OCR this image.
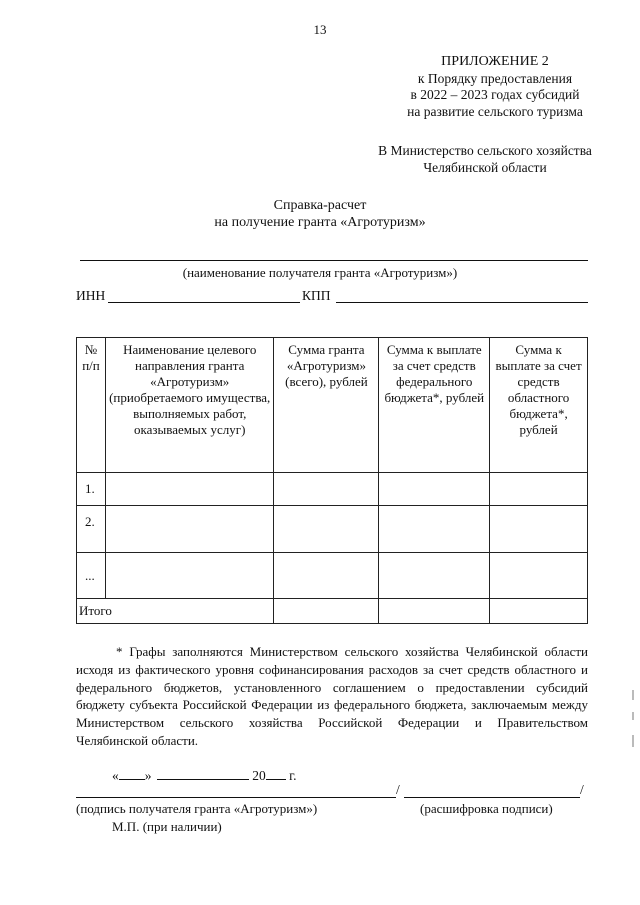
13
ПРИЛОЖЕНИЕ 2
к Порядку предоставления
в 2022 – 2023 годах субсидий
на развитие сельского туризма
В Министерство сельского хозяйства
Челябинской области
Справка-расчет
на получение гранта «Агротуризм»
(наименование получателя гранта «Агротуризм»)
ИНН	КПП
№ п/п	Наименование целевого направления гранта «Агротуризм» (приобретаемого имущества, выполняемых работ, оказываемых услуг)	Сумма гранта «Агротуризм» (всего), рублей	Сумма к выплате за счет средств федерального бюджета*, рублей	Сумма к выплате за счет средств областного бюджета*, рублей
1.				
2.				
...				
Итого				

* Графы заполняются Министерством сельского хозяйства Челябинской области исходя из фактического уровня софинансирования расходов за счет средств областного и федерального бюджетов, установленного соглашением о предоставлении субсидий бюджету субъекта Российской Федерации из федерального бюджета, заключаемым между Министерством сельского хозяйства Российской Федерации и Правительством Челябинской области.

« »	20 г.
/	/
(подпись получателя гранта «Агротуризм»)	(расшифровка подписи)
М.П. (при наличии)
